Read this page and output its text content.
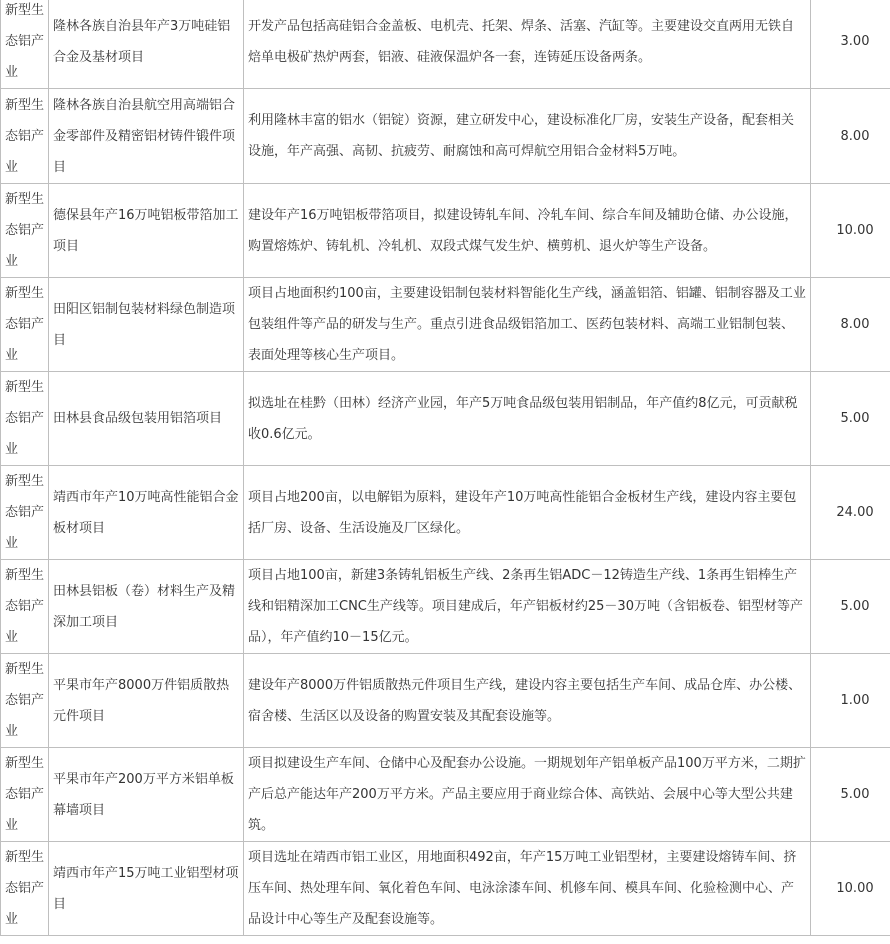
新型生态铝产业	隆林各族自治县年产3万吨硅铝合金及基材项目	开发产品包括高硅铝合金盖板、电机壳、托架、焊条、活塞、汽缸等。主要建设交直两用无铁自焙单电极矿热炉两套，铝液、硅液保温炉各一套，连铸延压设备两条。	3.00
新型生态铝产业	隆林各族自治县航空用高端铝合金零部件及精密铝材铸件锻件项目	利用隆林丰富的铝水（铝锭）资源，建立研发中心，建设标准化厂房，安装生产设备，配套相关设施，年产高强、高韧、抗疲劳、耐腐蚀和高可焊航空用铝合金材料5万吨。	8.00
新型生态铝产业	德保县年产16万吨铝板带箔加工项目	建设年产16万吨铝板带箔项目，拟建设铸轧车间、冷轧车间、综合车间及辅助仓储、办公设施，购置熔炼炉、铸轧机、冷轧机、双段式煤气发生炉、横剪机、退火炉等生产设备。	10.00
新型生态铝产业	田阳区铝制包装材料绿色制造项目	项目占地面积约100亩，主要建设铝制包装材料智能化生产线，涵盖铝箔、铝罐、铝制容器及工业包装组件等产品的研发与生产。重点引进食品级铝箔加工、医药包装材料、高端工业铝制包装、表面处理等核心生产项目。	8.00
新型生态铝产业	田林县食品级包装用铝箔项目	拟选址在桂黔（田林）经济产业园，年产5万吨食品级包装用铝制品，年产值约8亿元，可贡献税收0.6亿元。	5.00
新型生态铝产业	靖西市年产10万吨高性能铝合金板材项目	项目占地200亩，以电解铝为原料，建设年产10万吨高性能铝合金板材生产线，建设内容主要包括厂房、设备、生活设施及厂区绿化。	24.00
新型生态铝产业	田林县铝板（卷）材料生产及精深加工项目	项目占地100亩，新建3条铸轧铝板生产线、2条再生铝ADC－12铸造生产线、1条再生铝棒生产线和铝精深加工CNC生产线等。项目建成后，年产铝板材约25－30万吨（含铝板卷、铝型材等产品），年产值约10－15亿元。	5.00
新型生态铝产业	平果市年产8000万件铝质散热元件项目	建设年产8000万件铝质散热元件项目生产线，建设内容主要包括生产车间、成品仓库、办公楼、宿舍楼、生活区以及设备的购置安装及其配套设施等。	1.00
新型生态铝产业	平果市年产200万平方米铝单板幕墙项目	项目拟建设生产车间、仓储中心及配套办公设施。一期规划年产铝单板产品100万平方米，二期扩产后总产能达年产200万平方米。产品主要应用于商业综合体、高铁站、会展中心等大型公共建筑。	5.00
新型生态铝产业	靖西市年产15万吨工业铝型材项目	项目选址在靖西市铝工业区，用地面积492亩，年产15万吨工业铝型材，主要建设熔铸车间、挤压车间、热处理车间、氧化着色车间、电泳涂漆车间、机修车间、模具车间、化验检测中心、产品设计中心等生产及配套设施等。	10.00
